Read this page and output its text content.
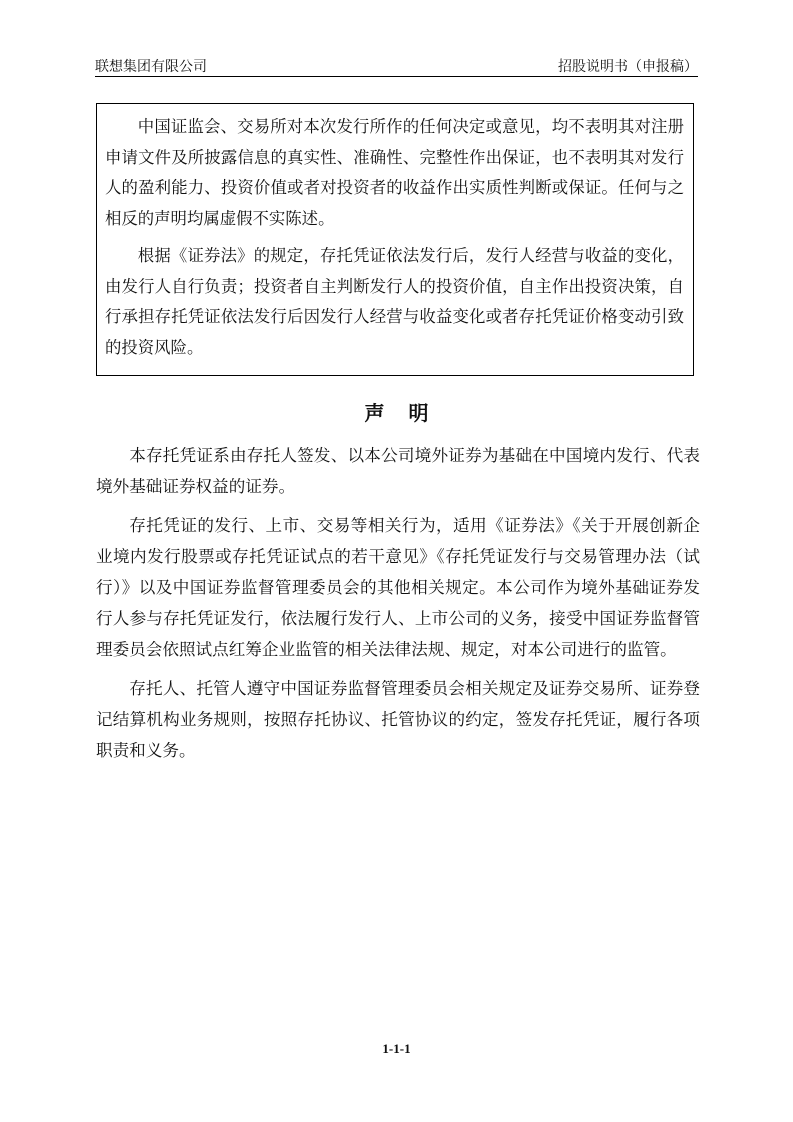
联想集团有限公司	招股说明书（申报稿）

中国证监会、交易所对本次发行所作的任何决定或意见，均不表明其对注册申请文件及所披露信息的真实性、准确性、完整性作出保证，也不表明其对发行人的盈利能力、投资价值或者对投资者的收益作出实质性判断或保证。任何与之相反的声明均属虚假不实陈述。

根据《证券法》的规定，存托凭证依法发行后，发行人经营与收益的变化，由发行人自行负责；投资者自主判断发行人的投资价值，自主作出投资决策，自行承担存托凭证依法发行后因发行人经营与收益变化或者存托凭证价格变动引致的投资风险。

声明

本存托凭证系由存托人签发、以本公司境外证券为基础在中国境内发行、代表境外基础证券权益的证券。

存托凭证的发行、上市、交易等相关行为，适用《证券法》《关于开展创新企业境内发行股票或存托凭证试点的若干意见》《存托凭证发行与交易管理办法（试行）》以及中国证券监督管理委员会的其他相关规定。本公司作为境外基础证券发行人参与存托凭证发行，依法履行发行人、上市公司的义务，接受中国证券监督管理委员会依照试点红筹企业监管的相关法律法规、规定，对本公司进行的监管。

存托人、托管人遵守中国证券监督管理委员会相关规定及证券交易所、证券登记结算机构业务规则，按照存托协议、托管协议的约定，签发存托凭证，履行各项职责和义务。

1-1-1
